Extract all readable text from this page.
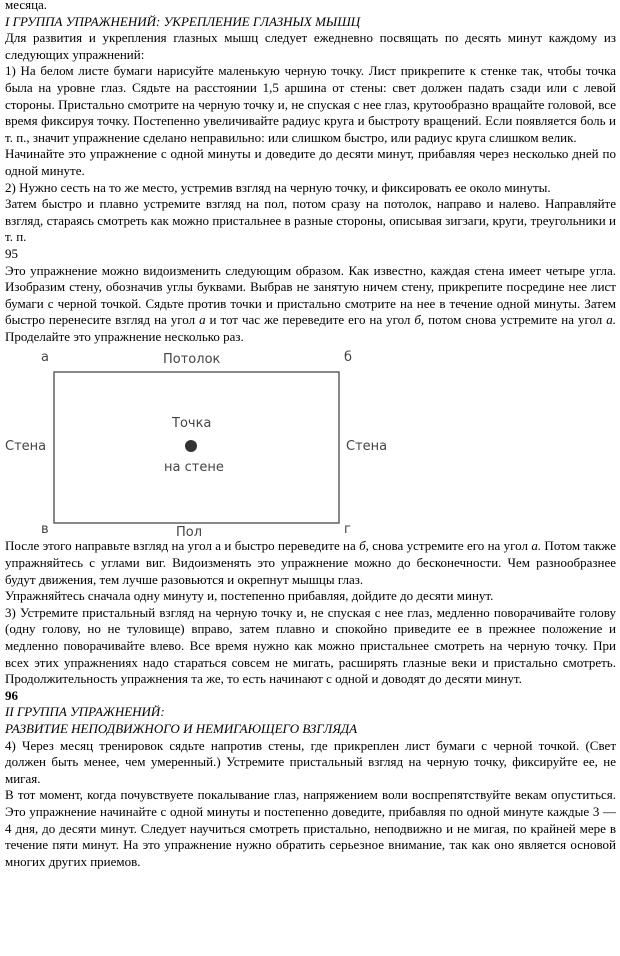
месяца.

I ГРУППА УПРАЖНЕНИЙ: УКРЕПЛЕНИЕ ГЛАЗНЫХ МЫШЦ

Для развития и укрепления глазных мышц следует ежедневно посвящать по десять минут каждому из следующих упражнений:

1) На белом листе бумаги нарисуйте маленькую черную точку. Лист прикрепите к стенке так, чтобы точка была на уровне глаз. Сядьте на расстоянии 1,5 аршина от стены: свет должен падать сзади или с левой стороны. Пристально смотрите на черную точку и, не спуская с нее глаз, крутообразно вращайте головой, все время фиксируя точку. Постепенно увеличивайте радиус круга и быстроту вращений. Если появляется боль и т. п., значит упражнение сделано неправильно: или слишком быстро, или радиус круга слишком велик.

Начинайте это упражнение с одной минуты и доведите до десяти минут, прибавляя через несколько дней по одной минуте.

2) Нужно сесть на то же место, устремив взгляд на черную точку, и фиксировать ее около минуты.

Затем быстро и плавно устремите взгляд на пол, потом сразу на потолок, направо и налево. Направляйте взгляд, стараясь смотреть как можно пристальнее в разные стороны, описывая зигзаги, круги, треугольники и т. п.

95

Это упражнение можно видоизменить следующим образом. Как известно, каждая стена имеет четыре угла. Изобразим стену, обозначив углы буквами. Выбрав не занятую ничем стену, прикрепите посредине нее лист бумаги с черной точкой. Сядьте против точки и пристально смотрите на нее в течение одной минуты. Затем быстро перенесите взгляд на угол а и тот час же переведите его на угол б, потом снова устремите на угол а. Проделайте это упражнение несколько раз.

а	б
в	г
Потолок
Пол
Стена	Стена
Точка
на стене

После этого направьте взгляд на угол а и быстро переведите на б, снова устремите его на угол а. Потом также упражняйтесь с углами виг. Видоизменять это упражнение можно до бесконечности. Чем разнообразнее будут движения, тем лучше разовьются и окрепнут мышцы глаз.

Упражняйтесь сначала одну минуту и, постепенно прибавляя, дойдите до десяти минут.

3) Устремите пристальный взгляд на черную точку и, не спуская с нее глаз, медленно поворачивайте голову (одну голову, но не туловище) вправо, затем плавно и спокойно приведите ее в прежнее положение и медленно поворачивайте влево. Все время нужно как можно пристальнее смотреть на черную точку. При всех этих упражнениях надо стараться совсем не мигать, расширять глазные веки и пристально смотреть. Продолжительность упражнения та же, то есть начинают с одной и доводят до десяти минут.

96

II ГРУППА УПРАЖНЕНИЙ:

РАЗВИТИЕ НЕПОДВИЖНОГО И НЕМИГАЮЩЕГО ВЗГЛЯДА

4) Через месяц тренировок сядьте напротив стены, где прикреплен лист бумаги с черной точкой. (Свет должен быть менее, чем умеренный.) Устремите пристальный взгляд на черную точку, фиксируйте ее, не мигая.

В тот момент, когда почувствуете покалывание глаз, напряжением воли воспрепятствуйте векам опуститься. Это упражнение начинайте с одной минуты и постепенно доведите, прибавляя по одной минуте каждые 3 — 4 дня, до десяти минут. Следует научиться смотреть пристально, неподвижно и не мигая, по крайней мере в течение пяти минут. На это упражнение нужно обратить серьезное внимание, так как оно является основой многих других приемов.
